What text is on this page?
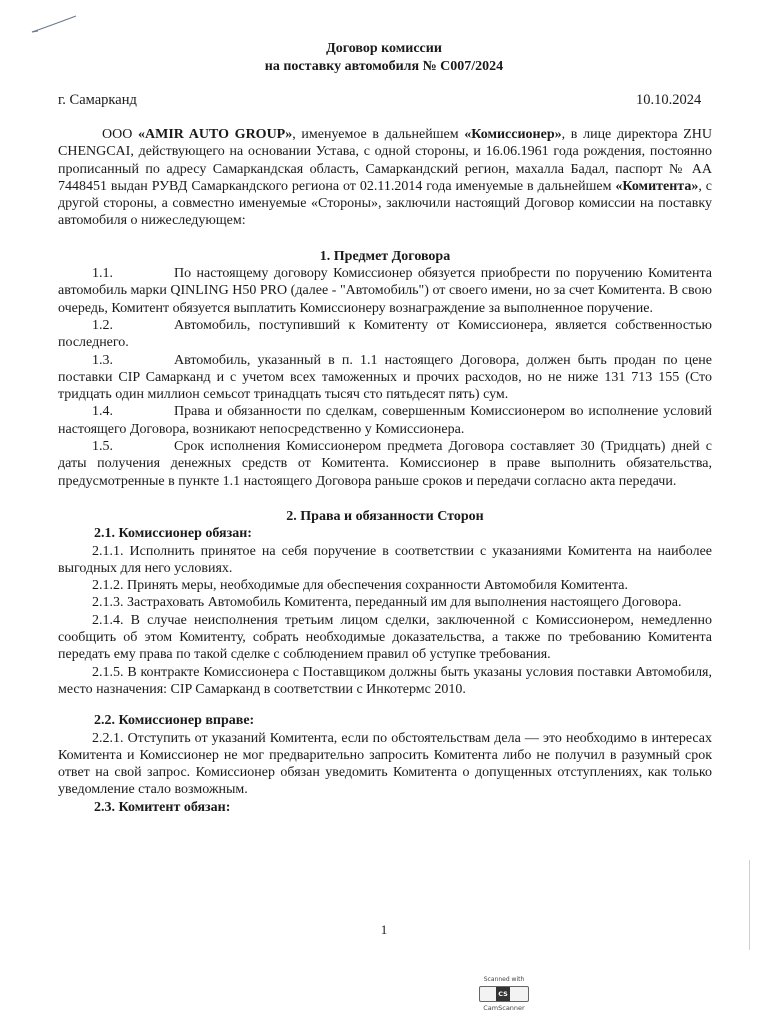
Договор комиссии
на поставку автомобиля № С007/2024
г. Самарканд	10.10.2024

ООО «AMIR AUTO GROUP», именуемое в дальнейшем «Комиссионер», в лице директора ZHU CHENGCAI, действующего на основании Устава, с одной стороны, и 16.06.1961 года рождения, постоянно прописанный по адресу Самаркандская область, Самаркандский регион, махалла Бадал, паспорт № АА 7448451 выдан РУВД Самаркандского региона от 02.11.2014 года именуемые в дальнейшем «Комитента», с другой стороны, а совместно именуемые «Стороны», заключили настоящий Договор комиссии на поставку автомобиля о нижеследующем:

1. Предмет Договора

1.1.	По настоящему договору Комиссионер обязуется приобрести по поручению Комитента автомобиль марки QINLING H50 PRO (далее - "Автомобиль") от своего имени, но за счет Комитента. В свою очередь, Комитент обязуется выплатить Комиссионеру вознаграждение за выполненное поручение.

1.2.	Автомобиль, поступивший к Комитенту от Комиссионера, является собственностью последнего.

1.3.	Автомобиль, указанный в п. 1.1 настоящего Договора, должен быть продан по цене поставки CIP Самарканд и с учетом всех таможенных и прочих расходов, но не ниже 131 713 155 (Сто тридцать один миллион семьсот тринадцать тысяч сто пятьдесят пять) сум.

1.4.	Права и обязанности по сделкам, совершенным Комиссионером во исполнение условий настоящего Договора, возникают непосредственно у Комиссионера.

1.5.	Срок исполнения Комиссионером предмета Договора составляет 30 (Тридцать) дней с даты получения денежных средств от Комитента. Комиссионер в праве выполнить обязательства, предусмотренные в пункте 1.1 настоящего Договора раньше сроков и передачи согласно акта передачи.

2. Права и обязанности Сторон

2.1. Комиссионер обязан:

2.1.1. Исполнить принятое на себя поручение в соответствии с указаниями Комитента на наиболее выгодных для него условиях.

2.1.2. Принять меры, необходимые для обеспечения сохранности Автомобиля Комитента.

2.1.3. Застраховать Автомобиль Комитента, переданный им для выполнения настоящего Договора.

2.1.4. В случае неисполнения третьим лицом сделки, заключенной с Комиссионером, немедленно сообщить об этом Комитенту, собрать необходимые доказательства, а также по требованию Комитента передать ему права по такой сделке с соблюдением правил об уступке требования.

2.1.5. В контракте Комиссионера с Поставщиком должны быть указаны условия поставки Автомобиля, место назначения: CIP Самарканд в соответствии с Инкотермс 2010.

2.2. Комиссионер вправе:

2.2.1. Отступить от указаний Комитента, если по обстоятельствам дела — это необходимо в интересах Комитента и Комиссионер не мог предварительно запросить Комитента либо не получил в разумный срок ответ на свой запрос. Комиссионер обязан уведомить Комитента о допущенных отступлениях, как только уведомление стало возможным.

2.3. Комитент обязан:

1
Scanned with
CSCamScanner
